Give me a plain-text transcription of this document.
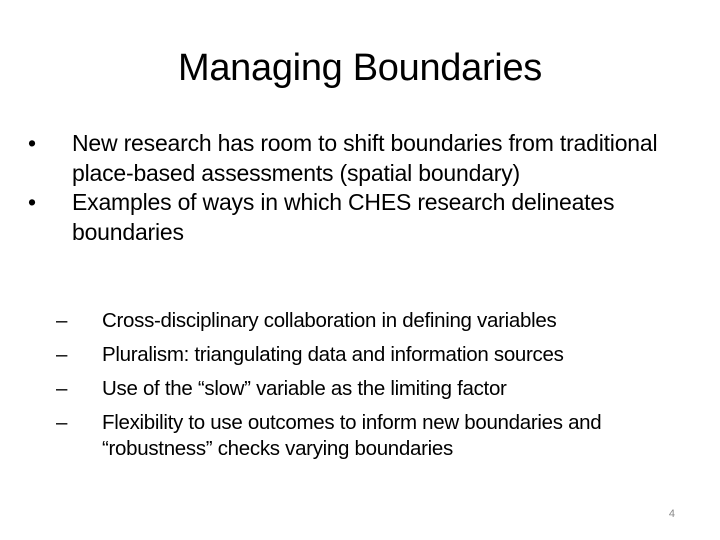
Managing Boundaries
•	New research has room to shift boundaries from traditional place-based assessments (spatial boundary)
•	Examples of ways in which CHES research delineates boundaries
–	Cross-disciplinary collaboration in defining variables
–	Pluralism: triangulating data and information sources
–	Use of the “slow” variable as the limiting factor
–	Flexibility to use outcomes to inform new boundaries and “robustness” checks varying boundaries
4
